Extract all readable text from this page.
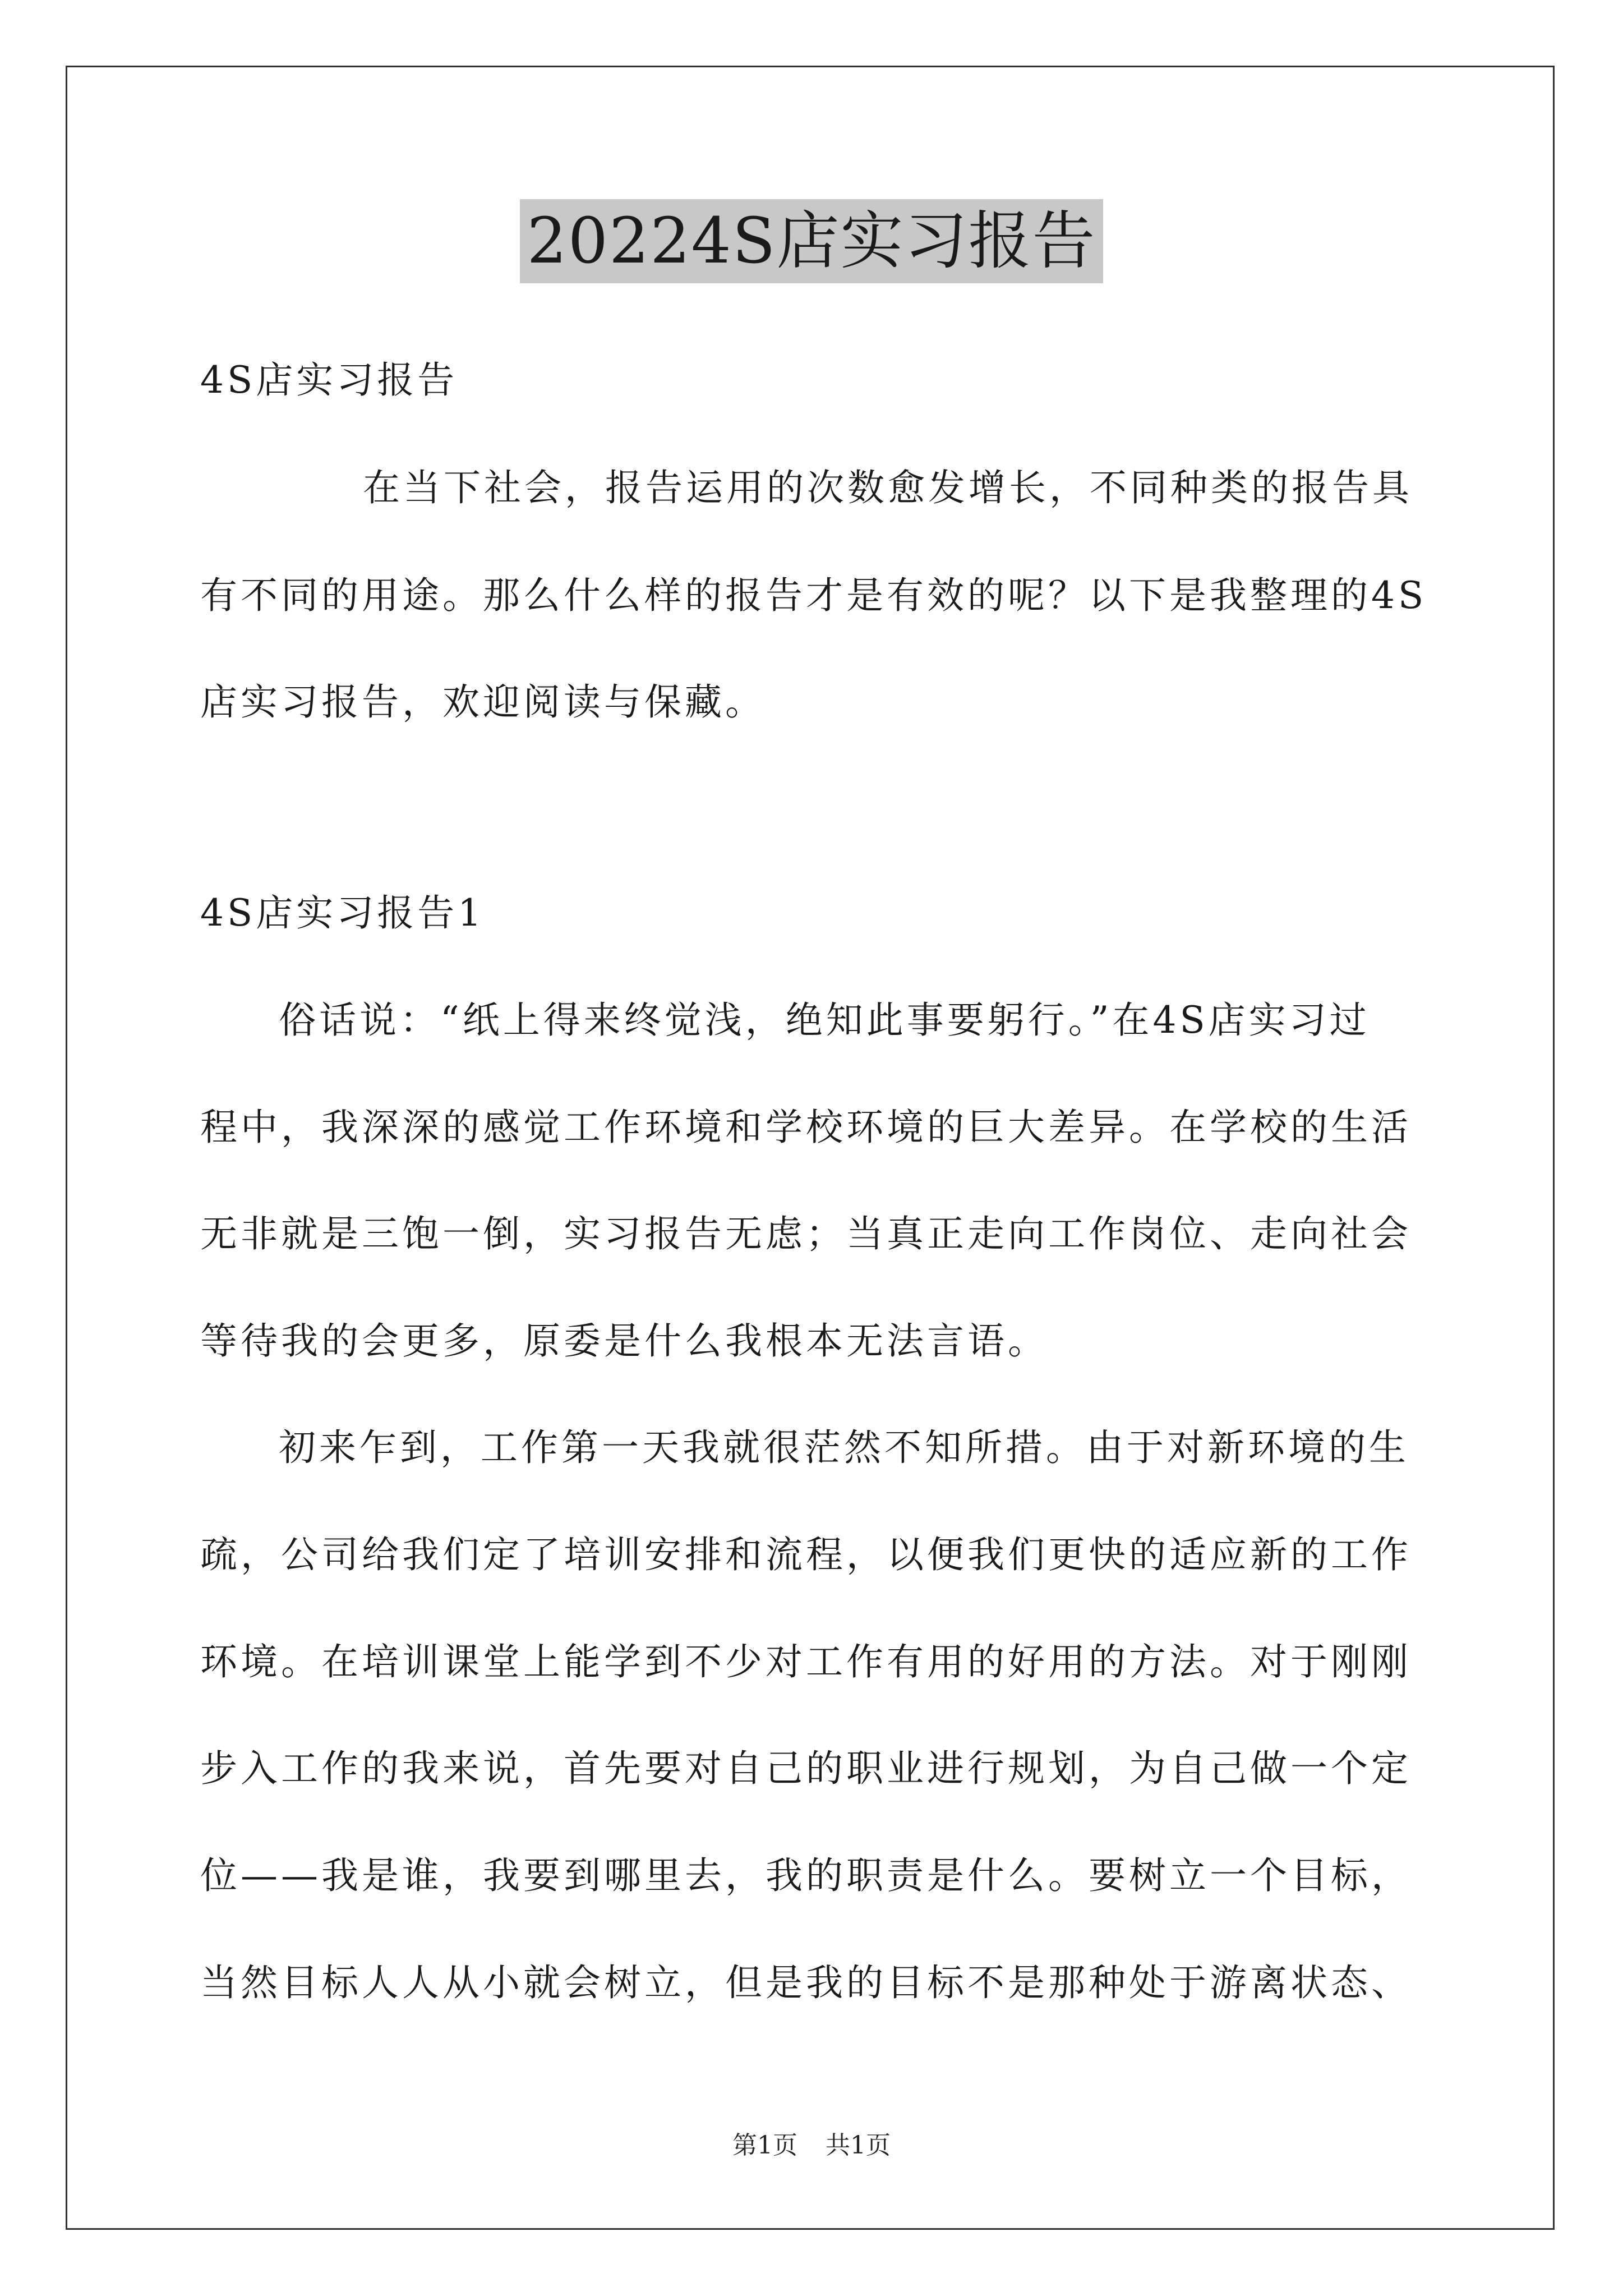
20224S店实习报告
4S店实习报告
在当下社会，报告运用的次数愈发增长，不同种类的报告具
有不同的用途。那么什么样的报告才是有效的呢？以下是我整理的4S
店实习报告，欢迎阅读与保藏。
4S店实习报告1
俗话说：“纸上得来终觉浅，绝知此事要躬行。”在4S店实习过
程中，我深深的感觉工作环境和学校环境的巨大差异。在学校的生活
无非就是三饱一倒，实习报告无虑；当真正走向工作岗位、走向社会
等待我的会更多，原委是什么我根本无法言语。
初来乍到，工作第一天我就很茫然不知所措。由于对新环境的生
疏，公司给我们定了培训安排和流程，以便我们更快的适应新的工作
环境。在培训课堂上能学到不少对工作有用的好用的方法。对于刚刚
步入工作的我来说，首先要对自己的职业进行规划，为自己做一个定
位——我是谁，我要到哪里去，我的职责是什么。要树立一个目标，
当然目标人人从小就会树立，但是我的目标不是那种处于游离状态、
第1页 共1页
